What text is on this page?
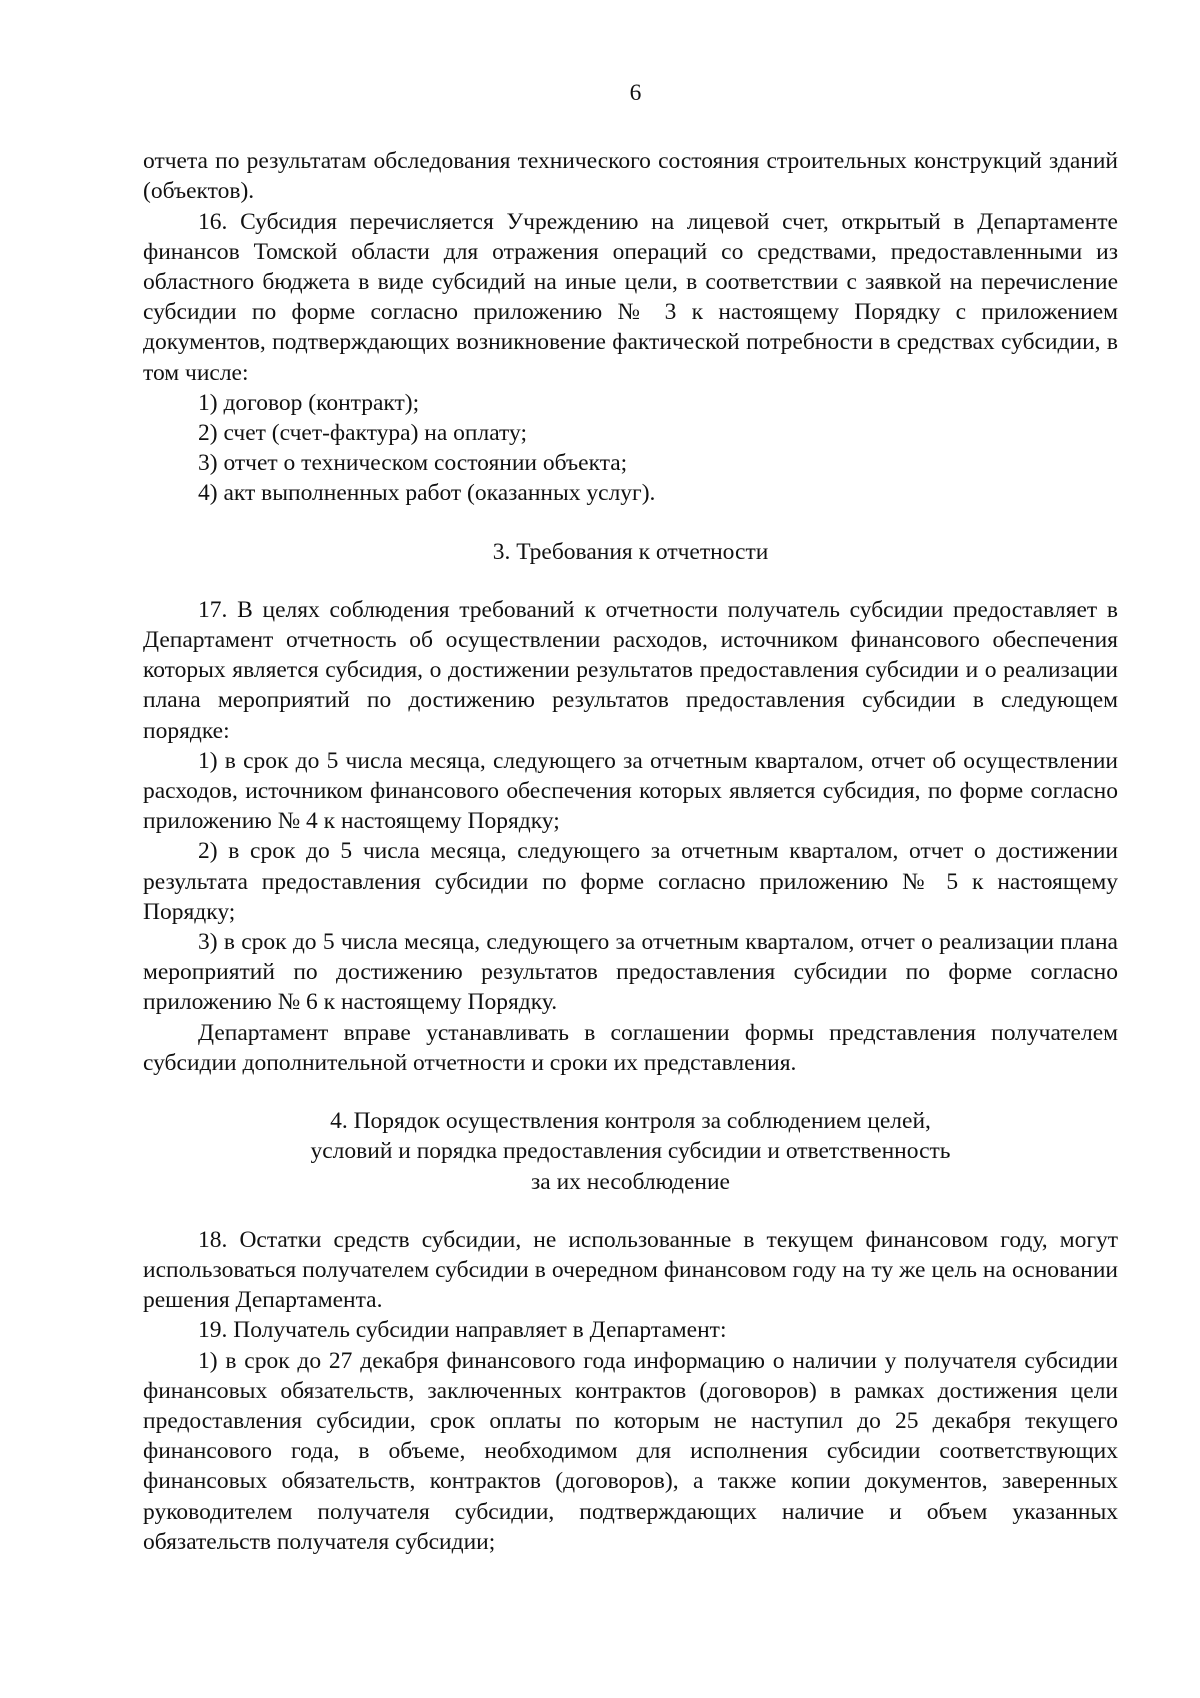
6

отчета по результатам обследования технического состояния строительных конструкций зданий (объектов).

16. Субсидия перечисляется Учреждению на лицевой счет, открытый в Департаменте финансов Томской области для отражения операций со средствами, предоставленными из областного бюджета в виде субсидий на иные цели, в соответствии с заявкой на перечисление субсидии по форме согласно приложению № 3 к настоящему Порядку с приложением документов, подтверждающих возникновение фактической потребности в средствах субсидии, в том числе:

1) договор (контракт);

2) счет (счет-фактура) на оплату;

3) отчет о техническом состоянии объекта;

4) акт выполненных работ (оказанных услуг).

3. Требования к отчетности

17. В целях соблюдения требований к отчетности получатель субсидии предоставляет в Департамент отчетность об осуществлении расходов, источником финансового обеспечения которых является субсидия, о достижении результатов предоставления субсидии и о реализации плана мероприятий по достижению результатов предоставления субсидии в следующем порядке:

1) в срок до 5 числа месяца, следующего за отчетным кварталом, отчет об осуществлении расходов, источником финансового обеспечения которых является субсидия, по форме согласно приложению № 4 к настоящему Порядку;

2) в срок до 5 числа месяца, следующего за отчетным кварталом, отчет о достижении результата предоставления субсидии по форме согласно приложению № 5 к настоящему Порядку;

3) в срок до 5 числа месяца, следующего за отчетным кварталом, отчет о реализации плана мероприятий по достижению результатов предоставления субсидии по форме согласно приложению № 6 к настоящему Порядку.

Департамент вправе устанавливать в соглашении формы представления получателем субсидии дополнительной отчетности и сроки их представления.

4. Порядок осуществления контроля за соблюдением целей,
условий и порядка предоставления субсидии и ответственность
за их несоблюдение

18. Остатки средств субсидии, не использованные в текущем финансовом году, могут использоваться получателем субсидии в очередном финансовом году на ту же цель на основании решения Департамента.

19. Получатель субсидии направляет в Департамент:

1) в срок до 27 декабря финансового года информацию о наличии у получателя субсидии финансовых обязательств, заключенных контрактов (договоров) в рамках достижения цели предоставления субсидии, срок оплаты по которым не наступил до 25 декабря текущего финансового года, в объеме, необходимом для исполнения субсидии соответствующих финансовых обязательств, контрактов (договоров), а также копии документов, заверенных руководителем получателя субсидии, подтверждающих наличие и объем указанных обязательств получателя субсидии;
